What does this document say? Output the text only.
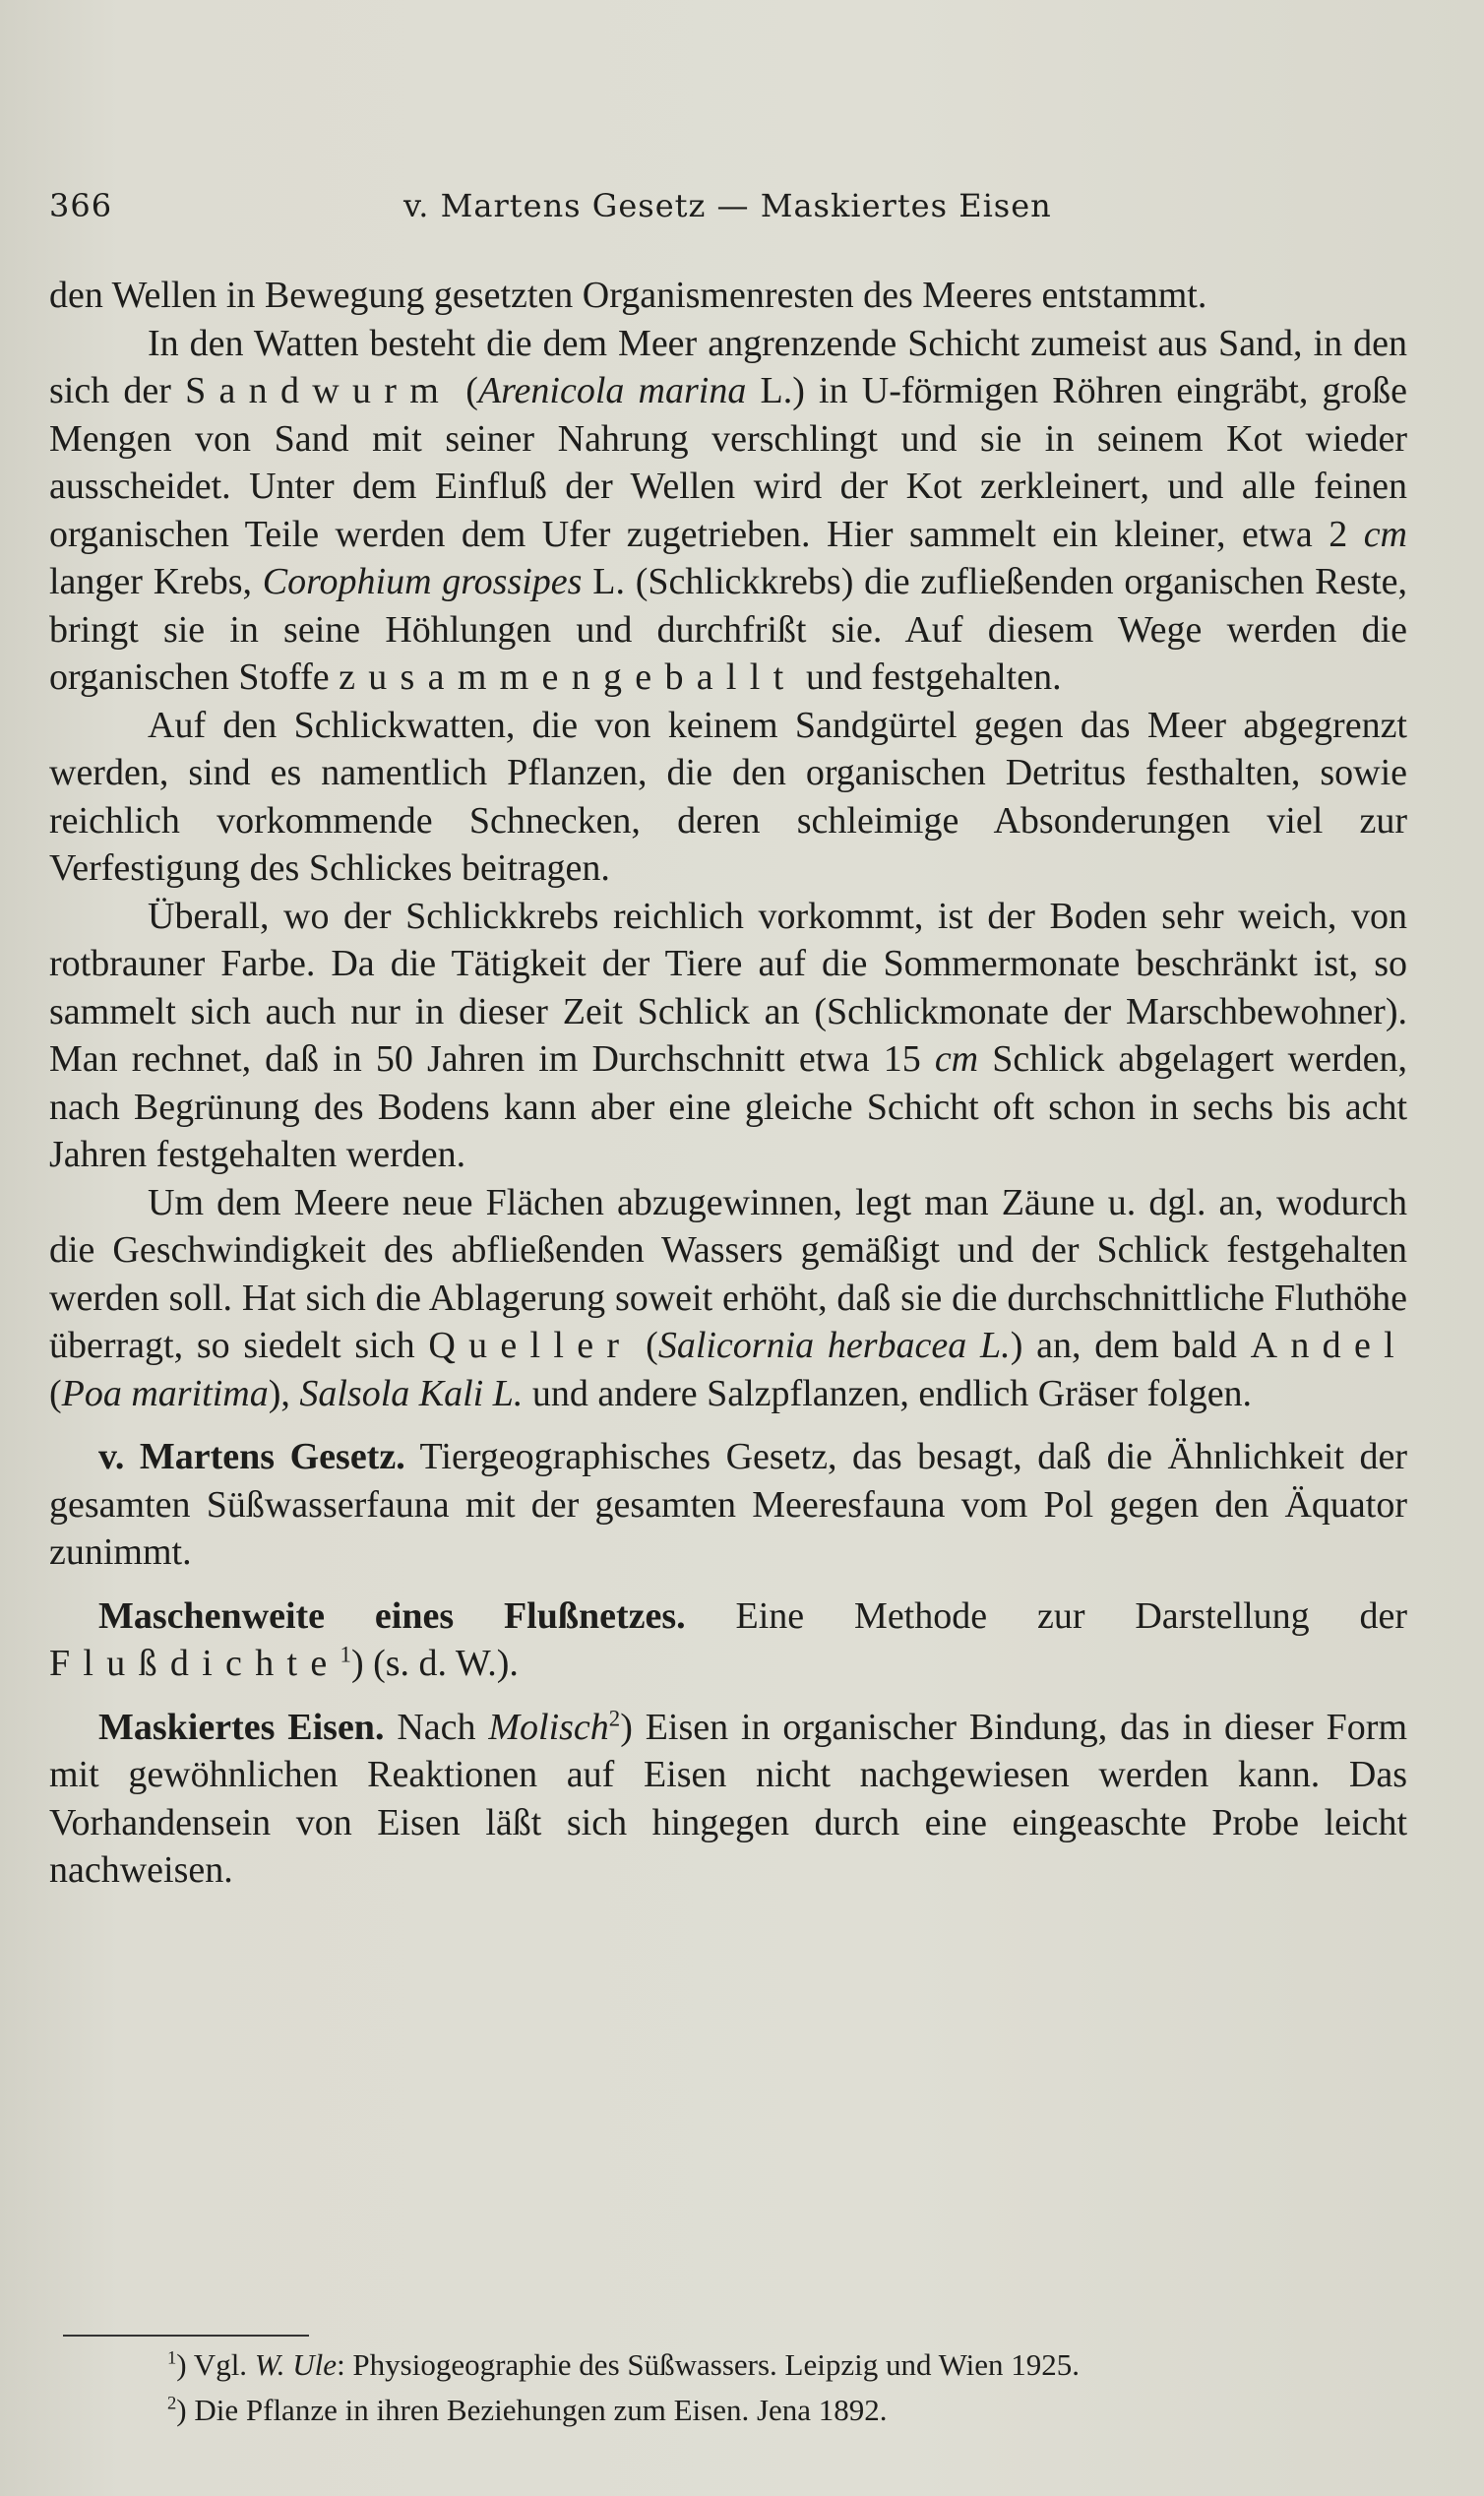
366	v. Martens Gesetz — Maskiertes Eisen

den Wellen in Bewegung gesetzten Organismenresten des Meeres entstammt.

In den Watten besteht die dem Meer angrenzende Schicht zumeist aus Sand, in den sich der Sandwurm (Arenicola marina L.) in U-förmigen Röhren eingräbt, große Mengen von Sand mit seiner Nahrung verschlingt und sie in seinem Kot wieder ausscheidet. Unter dem Einfluß der Wellen wird der Kot zerkleinert, und alle feinen organischen Teile werden dem Ufer zugetrieben. Hier sammelt ein kleiner, etwa 2 cm langer Krebs, Corophium grossipes L. (Schlickkrebs) die zufließenden organischen Reste, bringt sie in seine Höhlungen und durchfrißt sie. Auf diesem Wege werden die organischen Stoffe zusammengeballt und festgehalten.

Auf den Schlickwatten, die von keinem Sandgürtel gegen das Meer abgegrenzt werden, sind es namentlich Pflanzen, die den organischen Detritus festhalten, sowie reichlich vorkommende Schnecken, deren schleimige Absonderungen viel zur Verfestigung des Schlickes beitragen.

Überall, wo der Schlickkrebs reichlich vorkommt, ist der Boden sehr weich, von rotbrauner Farbe. Da die Tätigkeit der Tiere auf die Sommermonate beschränkt ist, so sammelt sich auch nur in dieser Zeit Schlick an (Schlickmonate der Marschbewohner). Man rechnet, daß in 50 Jahren im Durchschnitt etwa 15 cm Schlick abgelagert werden, nach Begrünung des Bodens kann aber eine gleiche Schicht oft schon in sechs bis acht Jahren festgehalten werden.

Um dem Meere neue Flächen abzugewinnen, legt man Zäune u. dgl. an, wodurch die Geschwindigkeit des abfließenden Wassers gemäßigt und der Schlick festgehalten werden soll. Hat sich die Ablagerung soweit erhöht, daß sie die durchschnittliche Fluthöhe überragt, so siedelt sich Queller (Salicornia herbacea L.) an, dem bald Andel (Poa maritima), Salsola Kali L. und andere Salzpflanzen, endlich Gräser folgen.

v. Martens Gesetz. Tiergeographisches Gesetz, das besagt, daß die Ähnlichkeit der gesamten Süßwasserfauna mit der gesamten Meeresfauna vom Pol gegen den Äquator zunimmt.

Maschenweite eines Flußnetzes. Eine Methode zur Darstellung der Flußdichte$^1$) (s. d. W.).

Maskiertes Eisen. Nach Molisch$^2$) Eisen in organischer Bindung, das in dieser Form mit gewöhnlichen Reaktionen auf Eisen nicht nachgewiesen werden kann. Das Vorhandensein von Eisen läßt sich hingegen durch eine eingeaschte Probe leicht nachweisen.

$^1$) Vgl. W. Ule: Physiogeographie des Süßwassers. Leipzig und Wien 1925.

$^2$) Die Pflanze in ihren Beziehungen zum Eisen. Jena 1892.
